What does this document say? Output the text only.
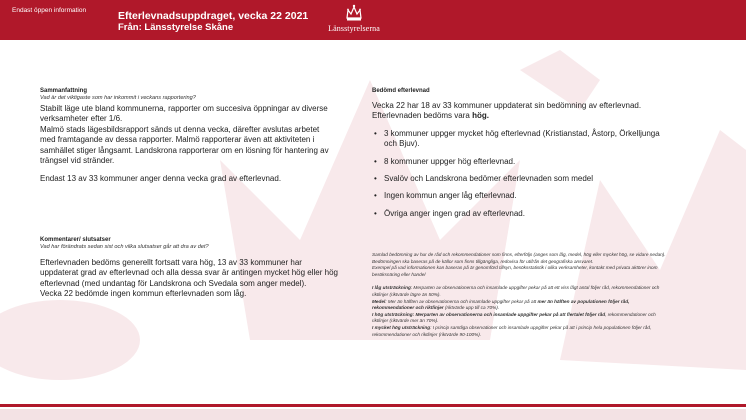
Endast öppen information	Efterlevnadsuppdraget, vecka 22 2021
Från: Länsstyrelse Skåne	Länsstyrelserna
Sammanfattning
Vad är det viktigaste som har inkommit i veckans rapportering?

Stabilt läge ute bland kommunerna, rapporter om succesiva öppningar av diverse verksamheter efter 1/6.

Malmö stads lägesbildsrapport sänds ut denna vecka, därefter avslutas arbetet med framtagande av dessa rapporter. Malmö rapporterar även att aktiviteten i samhället stiger långsamt. Landskrona rapporterar om en lösning för hantering av trängsel vid stränder.

Endast 13 av 33 kommuner anger denna vecka grad av efterlevnad.

Kommentarer/ slutsatser
Vad har förändrats sedan sist och vilka slutsatser går att dra av det?

Efterlevnaden bedöms generellt fortsatt vara hög, 13 av 33 kommuner har uppdaterat grad av efterlevnad och alla dessa svar är antingen mycket hög eller hög efterlevnad (med undantag för Landskrona och Svedala som anger medel).

Vecka 22 bedömde ingen kommun efterlevnaden som låg.

Bedömd efterlevnad
Vecka 22 har 18 av 33 kommuner uppdaterat sin bedömning av efterlevnad. Efterlevnaden bedöms vara hög.
• 3 kommuner uppger mycket hög efterlevnad (Kristianstad, Åstorp, Örkelljunga och Bjuv).
• 8 kommuner uppger hög efterlevnad.
• Svalöv och Landskrona bedömer efterlevnaden som medel
• Ingen kommun anger låg efterlevnad.
• Övriga anger ingen grad av efterlevnad.

Samlad bedömning av hur de råd och rekommendationer som finns, efterföljs (anges som låg, medel, hög eller mycket hög, se vidare nedan).

Bedömningen ska baseras på de källor som finns tillgängliga, redovisa för utifrån det geografiska ansvaret.

Exempel på vad informationen kan baseras på är genomförd tillsyn, besöksstatistik i olika verksamheter, kontakt med privata aktörer inom besöksnäring eller handel

I låg utsträckning: Merparten av observationerna och insamlade uppgifter pekar på att ett viss lågt antal följer råd, rekommendationer och riktlinjer (riktvärde lägre än 50%).

Medel: Mer än hälften av observationerna och insamlade uppgifter pekar på att mer än hälften av populationen följer råd, rekommendationer och riktlinjer (riktvärde upp till ca 70%).

I hög utsträckning: Merparten av observationerna och insamlade uppgifter pekar på att flertalet följer råd, rekommendationer och riktlinjer (riktvärde mer än 70%).

I mycket hög utsträckning: I princip samtliga observationer och insamlade uppgifter pekar på att i princip hela populationen följer råd, rekommendationer och riktlinjer (riktvärde 90-100%).
